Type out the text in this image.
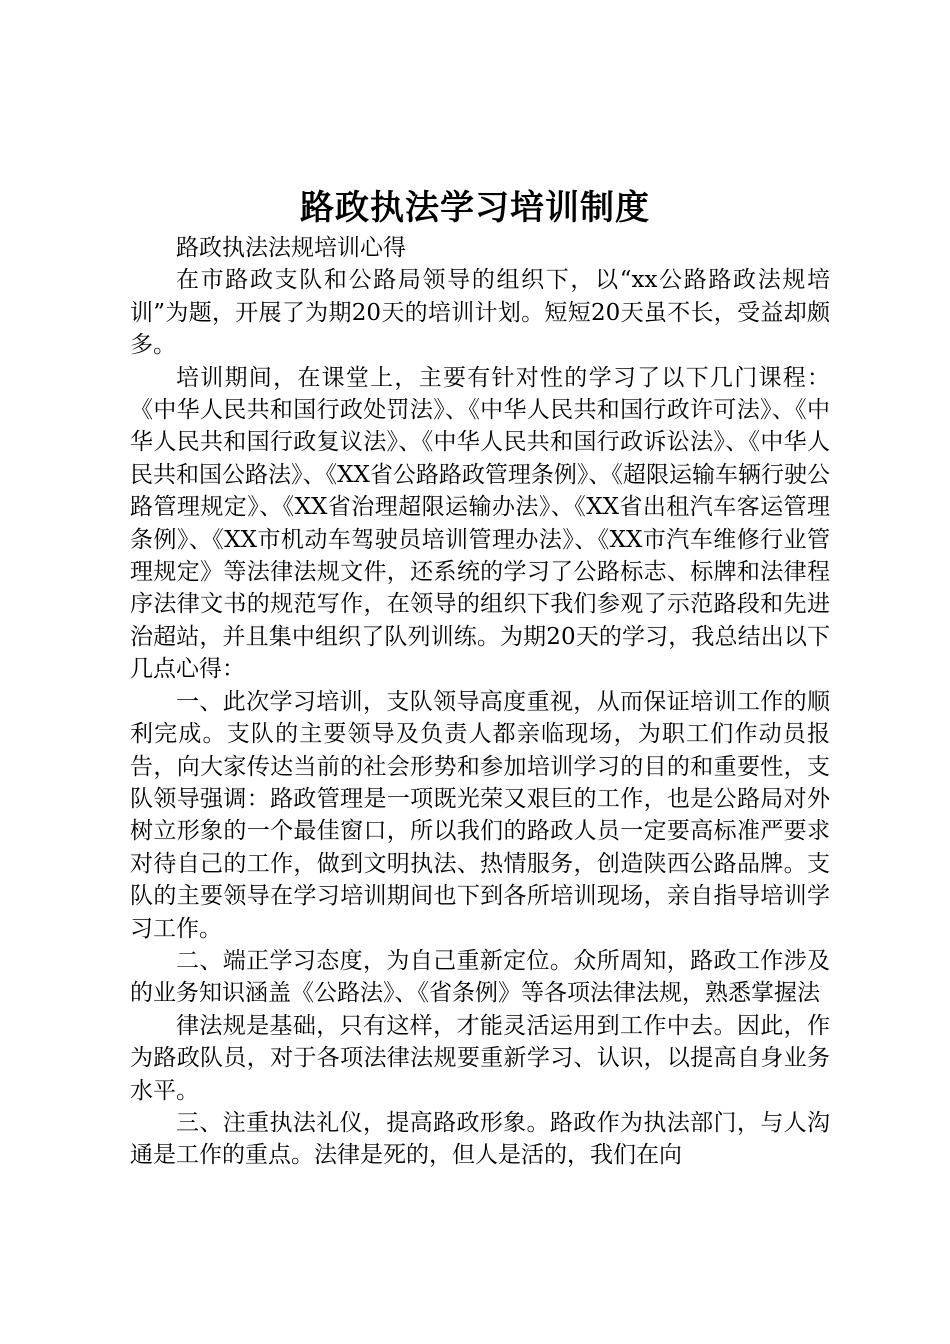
路政执法学习培训制度

路政执法法规培训心得

在市路政支队和公路局领导的组织下，以“xx公路路政法规培训”为题，开展了为期20天的培训计划。短短20天虽不长，受益却颇多。

培训期间，在课堂上，主要有针对性的学习了以下几门课程：《中华人民共和国行政处罚法》、《中华人民共和国行政许可法》、《中华人民共和国行政复议法》、《中华人民共和国行政诉讼法》、《中华人民共和国公路法》、《XX省公路路政管理条例》、《超限运输车辆行驶公路管理规定》、《XX省治理超限运输办法》、《XX省出租汽车客运管理条例》、《XX市机动车驾驶员培训管理办法》、《XX市汽车维修行业管理规定》等法律法规文件，还系统的学习了公路标志、标牌和法律程序法律文书的规范写作，在领导的组织下我们参观了示范路段和先进治超站，并且集中组织了队列训练。为期20天的学习，我总结出以下几点心得：

一、此次学习培训，支队领导高度重视，从而保证培训工作的顺利完成。支队的主要领导及负责人都亲临现场，为职工们作动员报告，向大家传达当前的社会形势和参加培训学习的目的和重要性，支队领导强调：路政管理是一项既光荣又艰巨的工作，也是公路局对外树立形象的一个最佳窗口，所以我们的路政人员一定要高标准严要求对待自己的工作，做到文明执法、热情服务，创造陕西公路品牌。支队的主要领导在学习培训期间也下到各所培训现场，亲自指导培训学习工作。

二、端正学习态度，为自己重新定位。众所周知，路政工作涉及的业务知识涵盖《公路法》、《省条例》等各项法律法规，熟悉掌握法

律法规是基础，只有这样，才能灵活运用到工作中去。因此，作为路政队员，对于各项法律法规要重新学习、认识，以提高自身业务水平。

三、注重执法礼仪，提高路政形象。路政作为执法部门，与人沟通是工作的重点。法律是死的，但人是活的，我们在向
